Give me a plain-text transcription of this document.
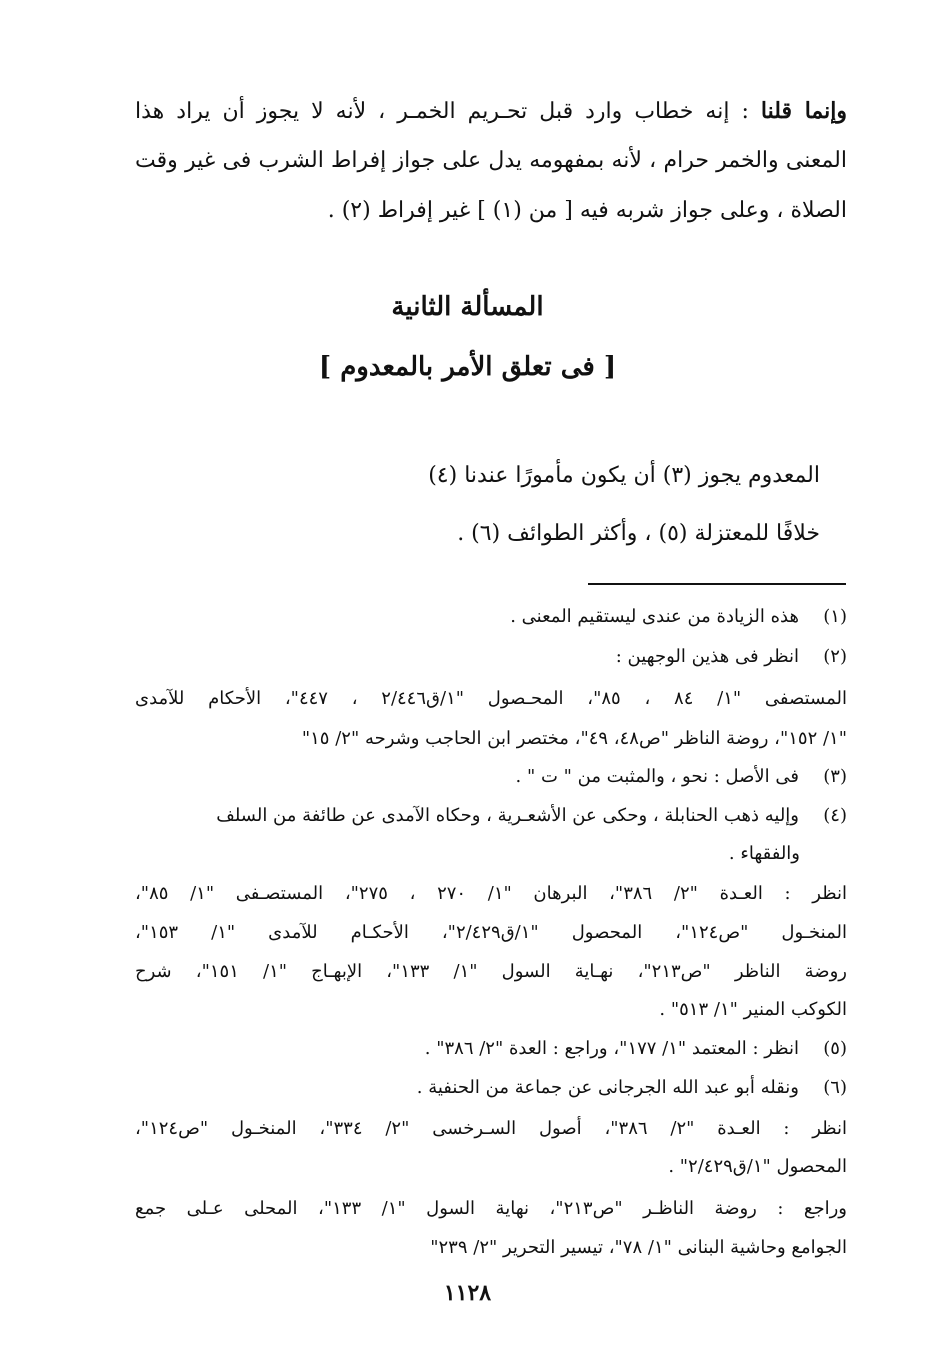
وإنما قلنا : إنه خطاب وارد قبل تحـريم الخمـر ، لأنه لا يجوز أن يراد هذا
المعنى والخمر حرام ، لأنه بمفهومه يدل على جواز إفراط الشرب فى غير وقت
الصلاة ، وعلى جواز شربه فيه [ من (١) ] غير إفراط (٢) .
المسألة الثانية
[ فى تعلق الأمر بالمعدوم ]
المعدوم يجوز (٣) أن يكون مأمورًا عندنا (٤)
خلافًا للمعتزلة (٥) ، وأكثر الطوائف (٦) .
(١)هذه الزيادة من عندى ليستقيم المعنى .
(٢)انظر فى هذين الوجهين :
المستصفى "١/ ٨٤ ، ٨٥"، المحـصول "١/ق٢/٤٤٦ ، ٤٤٧"، الأحكام للآمدى
"١/ ١٥٢"، روضة الناظر "ص٤٨، ٤٩"، مختصر ابن الحاجب وشرحه "٢/ ١٥"
(٣)فى الأصل : نحو ، والمثبت من " ت " .
(٤)وإليه ذهب الحنابلة ، وحكى عن الأشعـرية ، وحكاه الآمدى عن طائفة من السلف
والفقهاء .
انظر : العـدة "٢/ ٣٨٦"، البرهان "١/ ٢٧٠ ، ٢٧٥"، المستصـفى "١/ ٨٥"،
المنخـول "ص١٢٤"، المحصول "١/ق٢/٤٢٩"، الأحكـام للآمدى "١/ ١٥٣"،
روضة الناظر "ص٢١٣"، نهـاية السول "١/ ١٣٣"، الإبهـاج "١/ ١٥١"، شرح
الكوكب المنير "١/ ٥١٣" .
(٥)انظر : المعتمد "١/ ١٧٧"، وراجع : العدة "٢/ ٣٨٦" .
(٦)ونقله أبو عبد الله الجرجانى عن جماعة من الحنفية .
انظر : العـدة "٢/ ٣٨٦"، أصول السـرخسى "٢/ ٣٣٤"، المنخـول "ص١٢٤"،
المحصول "١/ق٢/٤٢٩" .
وراجع : روضة الناظـر "ص٢١٣"، نهاية السول "١/ ١٣٣"، المحلى عـلى جمع
الجوامع وحاشية البنانى "١/ ٧٨"، تيسير التحرير "٢/ ٢٣٩"
١١٢٨
